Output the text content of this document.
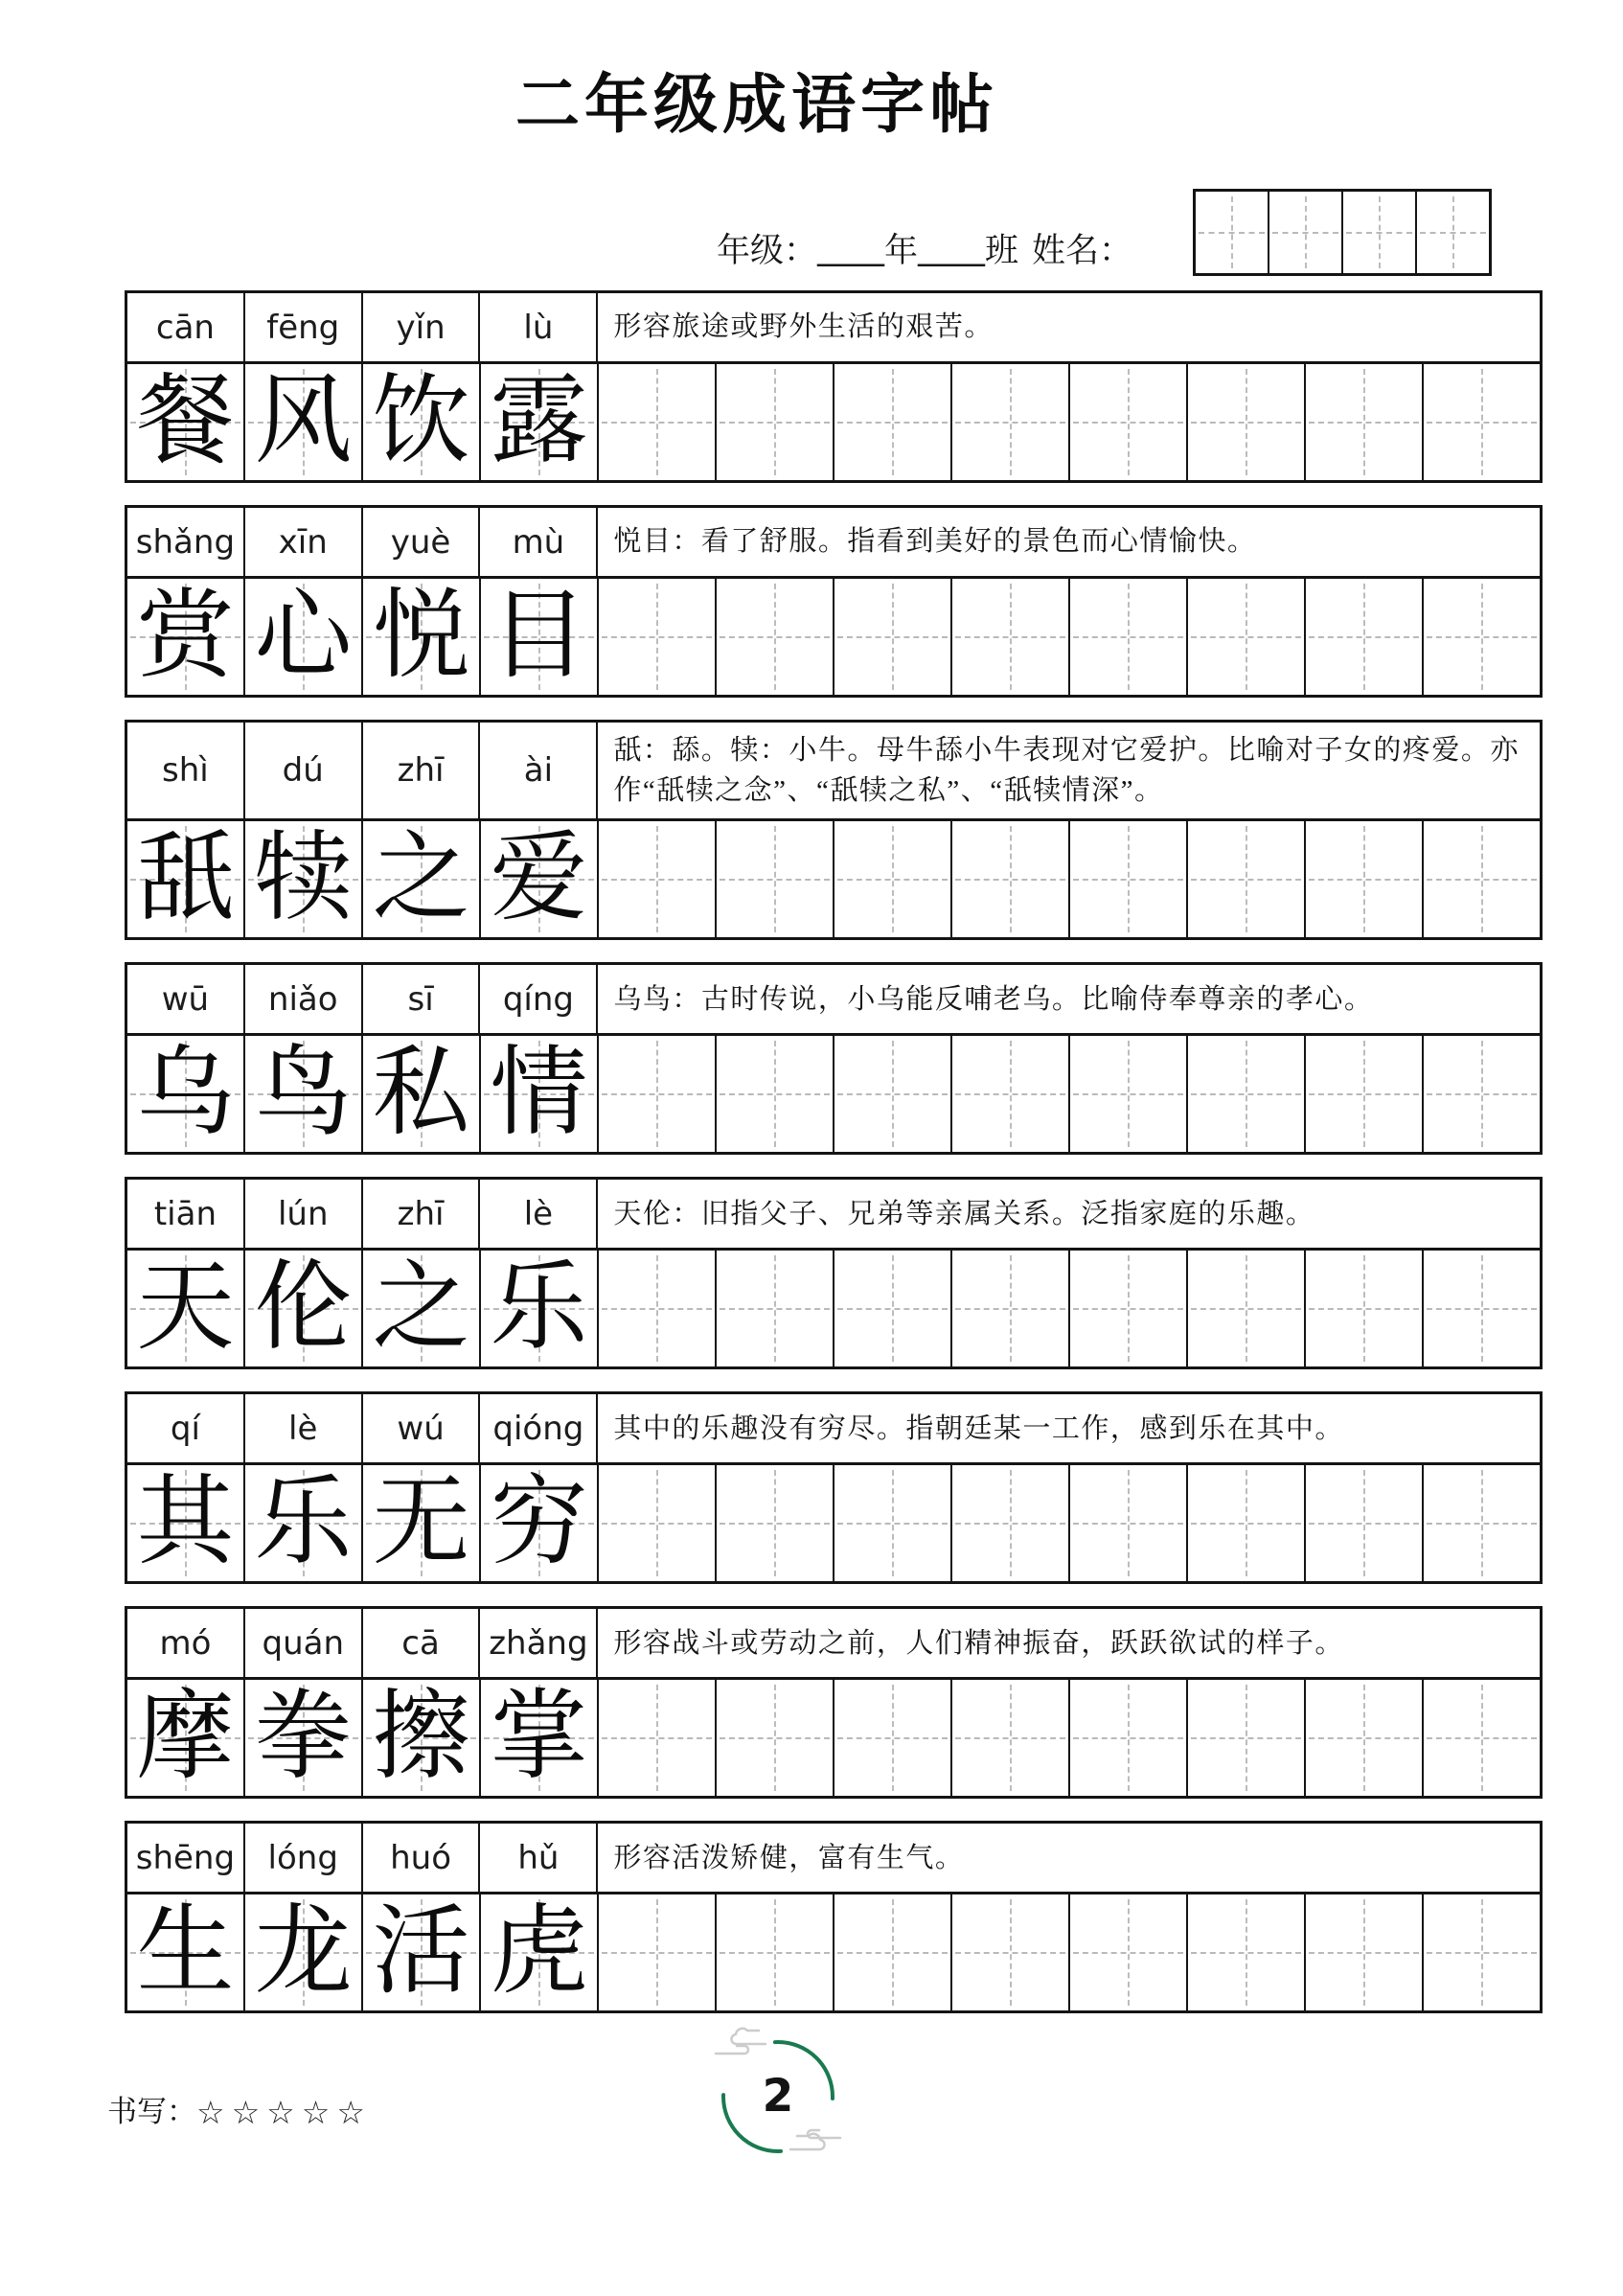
二年级成语字帖
年级：____年____班 姓名：
cān fēng yǐn lù 形容旅途或野外生活的艰苦。
餐 风 饮 露
shǎng xīn yuè mù 悦目：看了舒服。指看到美好的景色而心情愉快。
赏 心 悦 目
shì dú zhī ài
舐：舔。犊：小牛。母牛舔小牛表现对它爱护。比喻对子女的疼爱。亦作“舐犊之念”、“舐犊之私”、“舐犊情深”。
舐 犊 之 爱
wū niǎo sī qíng 乌鸟：古时传说，小乌能反哺老乌。比喻侍奉尊亲的孝心。
乌 鸟 私 情
tiān lún zhī lè 天伦：旧指父子、兄弟等亲属关系。泛指家庭的乐趣。
天 伦 之 乐
qí	lè wú qióng 其中的乐趣没有穷尽。指朝廷某一工作，感到乐在其中。
其 乐 无 穷
mó quán cā zhǎng 形容战斗或劳动之前，人们精神振奋，跃跃欲试的样子。
摩 拳 擦 掌
shēng lóng huó hǔ 形容活泼矫健，富有生气。
生 龙 活 虎
书写：☆☆☆☆☆	2
